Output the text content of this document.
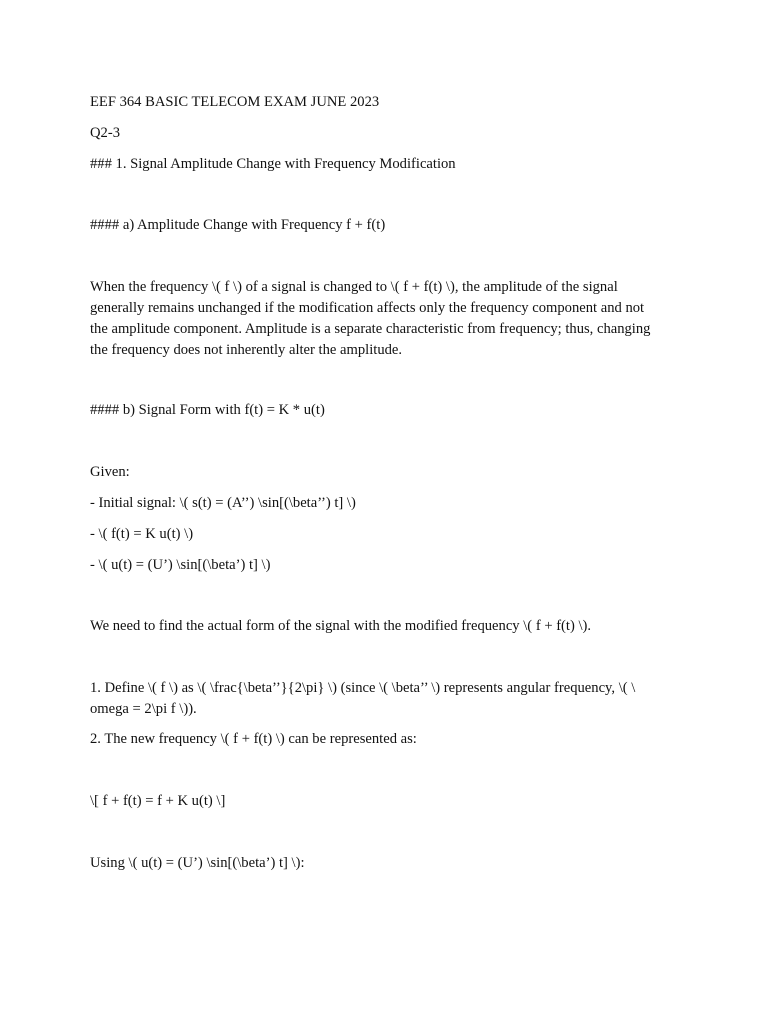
EEF 364 BASIC TELECOM EXAM JUNE 2023
Q2-3
### 1. Signal Amplitude Change with Frequency Modification
#### a) Amplitude Change with Frequency f + f(t)
When the frequency \( f \) of a signal is changed to \( f + f(t) \), the amplitude of the signal
generally remains unchanged if the modification affects only the frequency component and not
the amplitude component. Amplitude is a separate characteristic from frequency; thus, changing
the frequency does not inherently alter the amplitude.
#### b) Signal Form with f(t) = K * u(t)
Given:
- Initial signal: \( s(t) = (A’’) \sin[(\beta’’) t] \)
- \( f(t) = K u(t) \)
- \( u(t) = (U’) \sin[(\beta’) t] \)
We need to find the actual form of the signal with the modified frequency \( f + f(t) \).
1. Define \( f \) as \( \frac{\beta’’}{2\pi} \) (since \( \beta’’ \) represents angular frequency, \( \
omega = 2\pi f \)).
2. The new frequency \( f + f(t) \) can be represented as:
\[ f + f(t) = f + K u(t) \]
Using \( u(t) = (U’) \sin[(\beta’) t] \):
